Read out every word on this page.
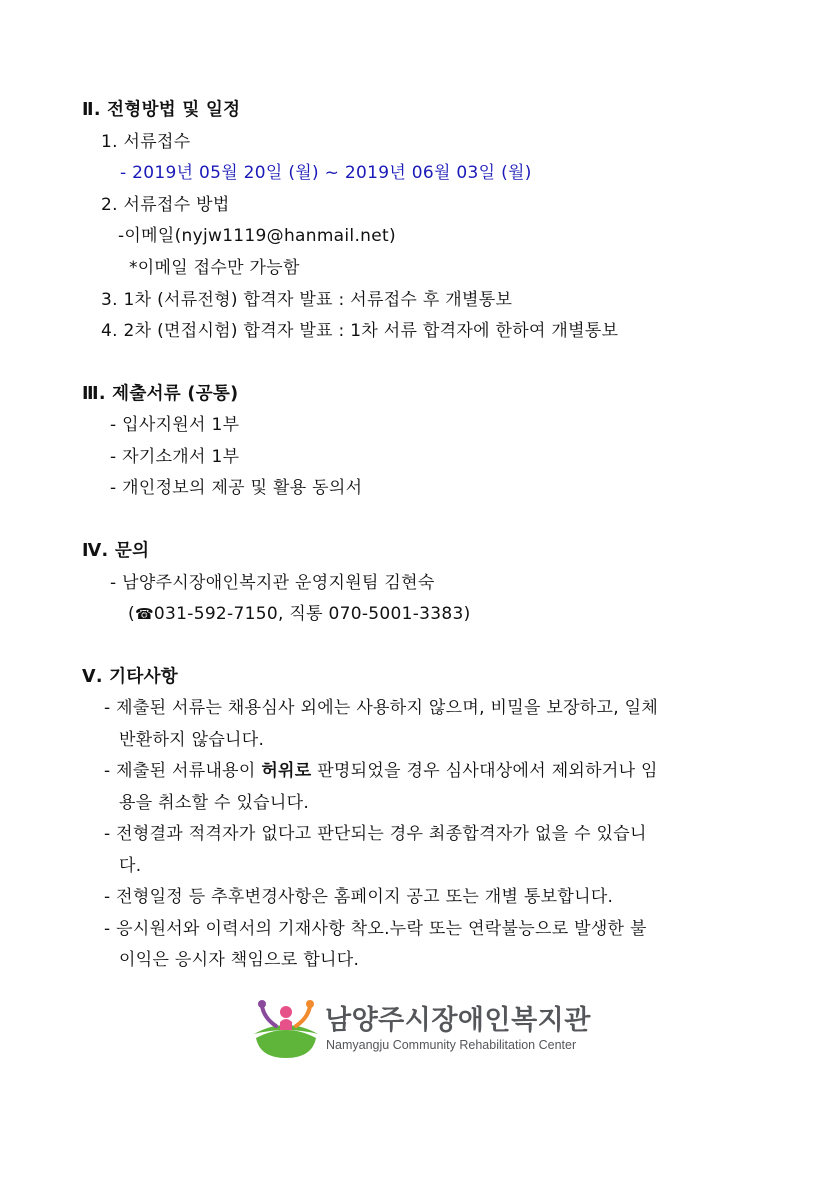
Ⅱ. 전형방법 및 일정
1. 서류접수
- 2019년 05월 20일 (월) ~ 2019년 06월 03일 (월)
2. 서류접수 방법
-이메일(nyjw1119@hanmail.net)
*이메일 접수만 가능함
3. 1차 (서류전형) 합격자 발표 : 서류접수 후 개별통보
4. 2차 (면접시험) 합격자 발표 : 1차 서류 합격자에 한하여 개별통보
Ⅲ. 제출서류 (공통)
- 입사지원서 1부
- 자기소개서 1부
- 개인정보의 제공 및 활용 동의서
Ⅳ. 문의
- 남양주시장애인복지관 운영지원팀 김현숙
(☎031-592-7150, 직통 070-5001-3383)
Ⅴ. 기타사항
- 제출된 서류는 채용심사 외에는 사용하지 않으며, 비밀을 보장하고, 일체
반환하지 않습니다.
- 제출된 서류내용이 허위로 판명되었을 경우 심사대상에서 제외하거나 임
용을 취소할 수 있습니다.
- 전형결과 적격자가 없다고 판단되는 경우 최종합격자가 없을 수 있습니
다.
- 전형일정 등 추후변경사항은 홈페이지 공고 또는 개별 통보합니다.
- 응시원서와 이력서의 기재사항 착오.누락 또는 연락불능으로 발생한 불
이익은 응시자 책임으로 합니다.
남양주시장애인복지관
Namyangju Community Rehabilitation Center
